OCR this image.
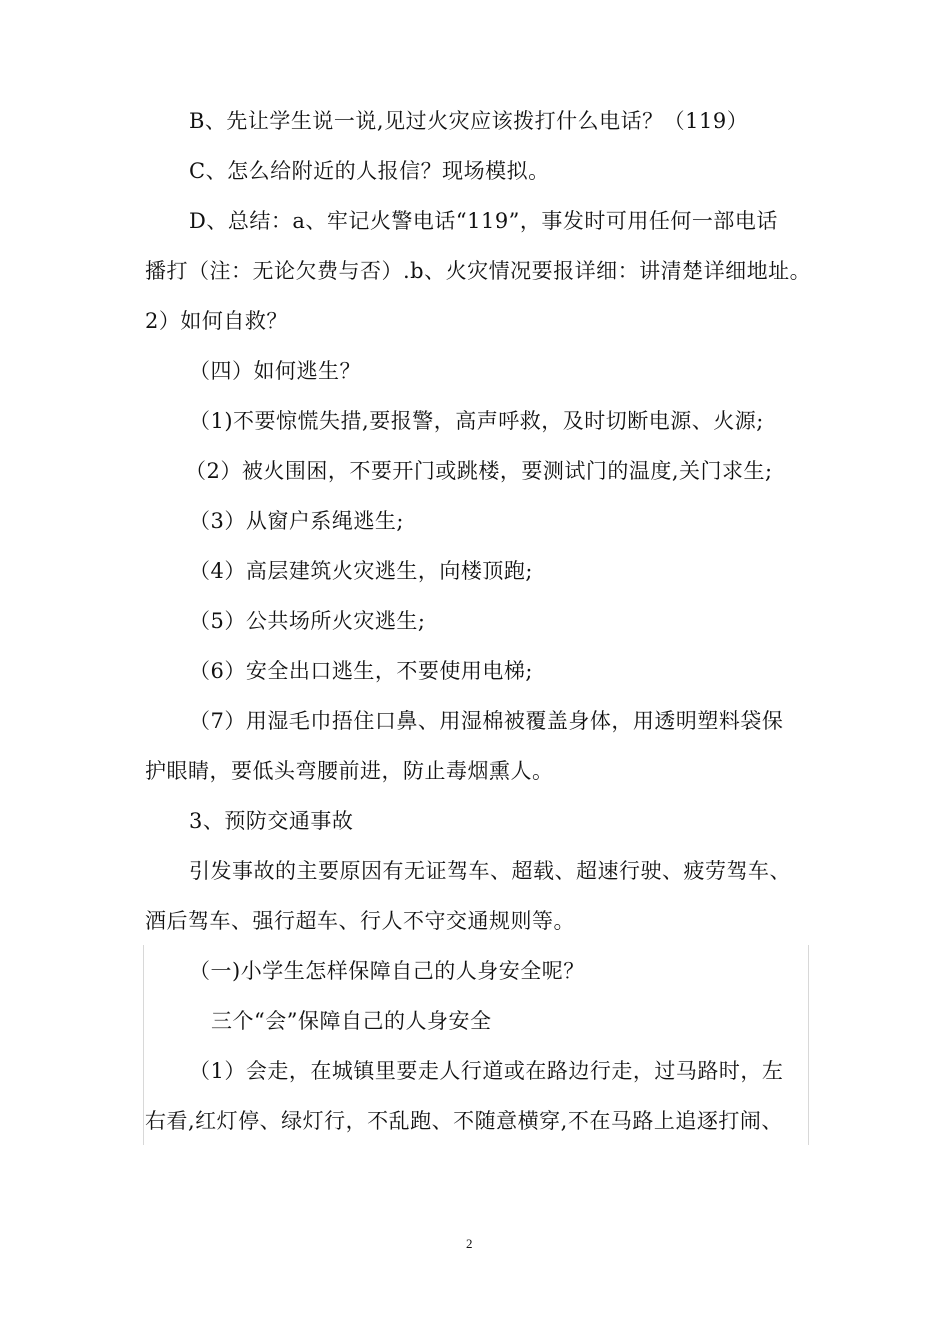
B、先让学生说一说,见过火灾应该拨打什么电话？（119）
C、怎么给附近的人报信？现场模拟。
D、总结：a、牢记火警电话“119”，事发时可用任何一部电话
播打（注：无论欠费与否）.b、火灾情况要报详细：讲清楚详细地址。
2）如何自救？
（四）如何逃生？
（1)不要惊慌失措,要报警，高声呼救，及时切断电源、火源;
（2）被火围困，不要开门或跳楼，要测试门的温度,关门求生;
（3）从窗户系绳逃生;
（4）高层建筑火灾逃生，向楼顶跑;
（5）公共场所火灾逃生;
（6）安全出口逃生，不要使用电梯;
（7）用湿毛巾捂住口鼻、用湿棉被覆盖身体，用透明塑料袋保
护眼睛，要低头弯腰前进，防止毒烟熏人。
3、预防交通事故
引发事故的主要原因有无证驾车、超载、超速行驶、疲劳驾车、
酒后驾车、强行超车、行人不守交通规则等。
（一)小学生怎样保障自己的人身安全呢？
三个“会”保障自己的人身安全
（1）会走，在城镇里要走人行道或在路边行走，过马路时，左
右看,红灯停、绿灯行，不乱跑、不随意横穿,不在马路上追逐打闹、
2
